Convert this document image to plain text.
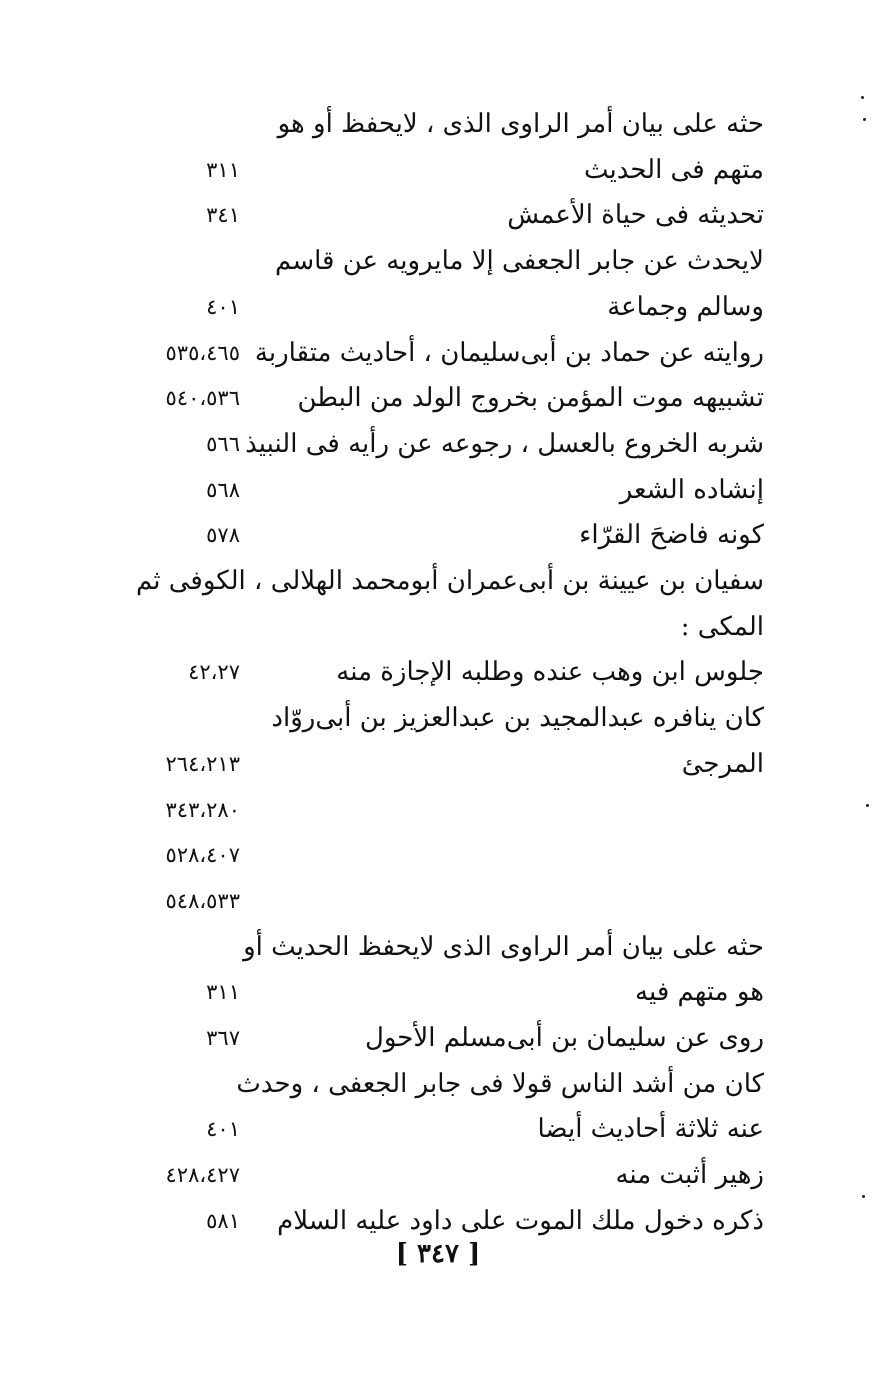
حثه على بيان أمر الراوى الذى ، لايحفظ أو هو
متهم فى الحديث
٣١١
تحديثه فى حياة الأعمش
٣٤١
لايحدث عن جابر الجعفى إلا مايرويه عن قاسم
وسالم وجماعة
٤٠١
روايته عن حماد بن أبى‌سليمان ، أحاديث متقاربة
٥٣٥،٤٦٥
تشبيهه موت المؤمن بخروج الولد من البطن
٥٤٠،٥٣٦
شربه الخروع بالعسل ، رجوعه عن رأيه فى النبيذ
٥٦٦
إنشاده الشعر
٥٦٨
كونه فاضحَ القرّاء
٥٧٨
سفيان بن عيينة بن أبى‌عمران أبومحمد الهلالى ، الكوفى ثم
المكى :
جلوس ابن وهب عنده وطلبه الإجازة منه
٤٢،٢٧
كان ينافره عبدالمجيد بن عبدالعزيز بن أبى‌روّاد
المرجئ
٢٦٤،٢١٣
٣٤٣،٢٨٠
٥٢٨،٤٠٧
٥٤٨،٥٣٣
حثه على بيان أمر الراوى الذى لايحفظ الحديث أو
هو متهم فيه
٣١١
روى عن سليمان بن أبى‌مسلم الأحول
٣٦٧
كان من أشد الناس قولا فى جابر الجعفى ، وحدث
عنه ثلاثة أحاديث أيضا
٤٠١
زهير أثبت منه
٤٢٨،٤٢٧
ذكره دخول ملك الموت على داود عليه السلام
٥٨١
[ ٣٤٧ ]
